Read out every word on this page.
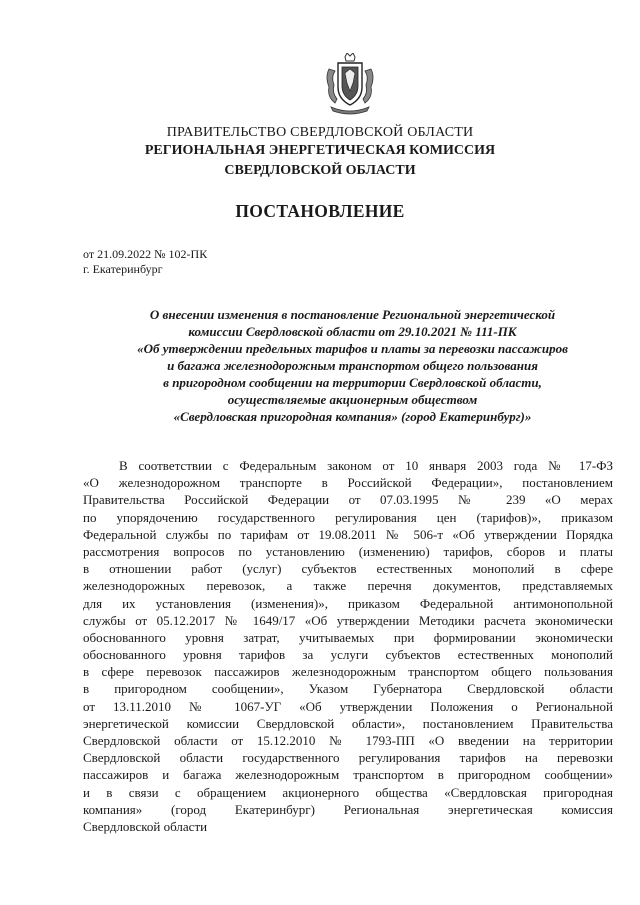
ПРАВИТЕЛЬСТВО СВЕРДЛОВСКОЙ ОБЛАСТИ
РЕГИОНАЛЬНАЯ ЭНЕРГЕТИЧЕСКАЯ КОМИССИЯ
СВЕРДЛОВСКОЙ ОБЛАСТИ
ПОСТАНОВЛЕНИЕ
от 21.09.2022 № 102-ПК
г. Екатеринбург
О внесении изменения в постановление Региональной энергетической
комиссии Свердловской области от 29.10.2021 № 111-ПК
«Об утверждении предельных тарифов и платы за перевозки пассажиров
и багажа железнодорожным транспортом общего пользования
в пригородном сообщении на территории Свердловской области,
осуществляемые акционерным обществом
«Свердловская пригородная компания» (город Екатеринбург)»
В соответствии с Федеральным законом от 10 января 2003 года № 17-ФЗ
«О железнодорожном транспорте в Российской Федерации», постановлением
Правительства Российской Федерации от 07.03.1995 № 239 «О мерах
по упорядочению государственного регулирования цен (тарифов)», приказом
Федеральной службы по тарифам от 19.08.2011 № 506-т «Об утверждении Порядка
рассмотрения вопросов по установлению (изменению) тарифов, сборов и платы
в отношении работ (услуг) субъектов естественных монополий в сфере
железнодорожных перевозок, а также перечня документов, представляемых
для их установления (изменения)», приказом Федеральной антимонопольной
службы от 05.12.2017 № 1649/17 «Об утверждении Методики расчета экономически
обоснованного уровня затрат, учитываемых при формировании экономически
обоснованного уровня тарифов за услуги субъектов естественных монополий
в сфере перевозок пассажиров железнодорожным транспортом общего пользования
в пригородном сообщении», Указом Губернатора Свердловской области
от 13.11.2010 № 1067-УГ «Об утверждении Положения о Региональной
энергетической комиссии Свердловской области», постановлением Правительства
Свердловской области от 15.12.2010 № 1793-ПП «О введении на территории
Свердловской области государственного регулирования тарифов на перевозки
пассажиров и багажа железнодорожным транспортом в пригородном сообщении»
и в связи с обращением акционерного общества «Свердловская пригородная
компания» (город Екатеринбург) Региональная энергетическая комиссия
Свердловской области
